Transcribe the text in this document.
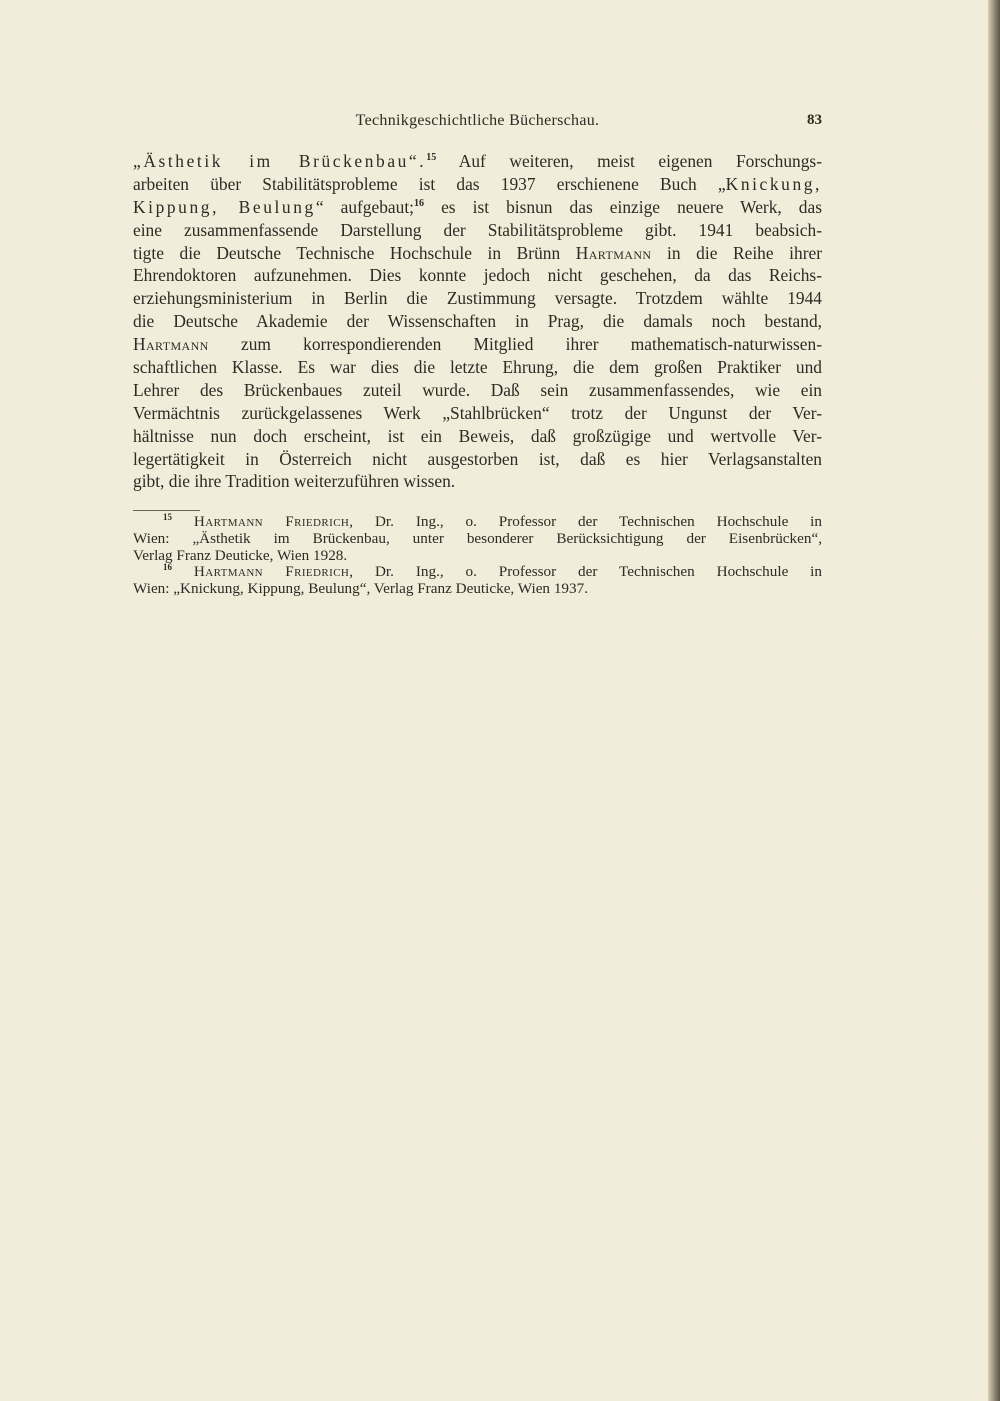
Technikgeschichtliche Bücherschau.	83
„Ästhetik im Brückenbau“.$^{15}$ Auf weiteren, meist eigenen Forschungs-
arbeiten über Stabilitätsprobleme ist das 1937 erschienene Buch „Knickung,
Kippung, Beulung“ aufgebaut;$^{16}$ es ist bisnun das einzige neuere Werk, das
eine zusammenfassende Darstellung der Stabilitätsprobleme gibt. 1941 beabsich-
tigte die Deutsche Technische Hochschule in Brünn Hartmann in die Reihe ihrer
Ehrendoktoren aufzunehmen. Dies konnte jedoch nicht geschehen, da das Reichs-
erziehungsministerium in Berlin die Zustimmung versagte. Trotzdem wählte 1944
die Deutsche Akademie der Wissenschaften in Prag, die damals noch bestand,
Hartmann zum korrespondierenden Mitglied ihrer mathematisch-naturwissen-
schaftlichen Klasse. Es war dies die letzte Ehrung, die dem großen Praktiker und
Lehrer des Brückenbaues zuteil wurde. Daß sein zusammenfassendes, wie ein
Vermächtnis zurückgelassenes Werk „Stahlbrücken“ trotz der Ungunst der Ver-
hältnisse nun doch erscheint, ist ein Beweis, daß großzügige und wertvolle Ver-
legertätigkeit in Österreich nicht ausgestorben ist, daß es hier Verlagsanstalten
gibt, die ihre Tradition weiterzuführen wissen.
$^{15}$ Hartmann Friedrich, Dr. Ing., o. Professor der Technischen Hochschule in
Wien: „Ästhetik im Brückenbau, unter besonderer Berücksichtigung der Eisenbrücken“,
Verlag Franz Deuticke, Wien 1928.
$^{16}$ Hartmann Friedrich, Dr. Ing., o. Professor der Technischen Hochschule in
Wien: „Knickung, Kippung, Beulung“, Verlag Franz Deuticke, Wien 1937.
